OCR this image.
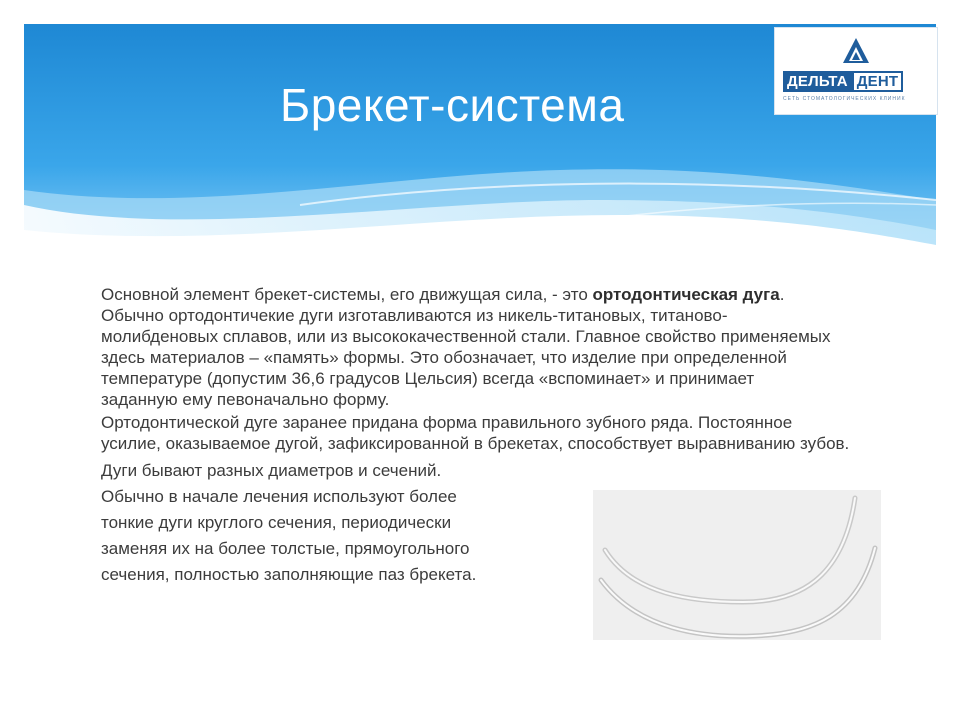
Брекет-система	ДЕЛЬТА ДЕНТ
СЕТЬ СТОМАТОЛОГИЧЕСКИХ КЛИНИК

Основной элемент брекет-системы, его движущая сила, - это ортодонтическая дуга. Обычно ортодонтичекие дуги изготавливаются из никель-титановых, титаново-молибденовых сплавов, или из высококачественной стали. Главное свойство применяемых здесь материалов – «память» формы. Это обозначает, что изделие при определенной температуре (допустим 36,6 градусов Цельсия) всегда «вспоминает» и принимает заданную ему певоначально форму.

Ортодонтической дуге заранее придана форма правильного зубного ряда. Постоянное усилие, оказываемое дугой, зафиксированной в брекетах, способствует выравниванию зубов.

Дуги бывают разных диаметров и сечений.

Обычно в начале лечения используют более

тонкие дуги круглого сечения, периодически

заменяя их на более толстые, прямоугольного

сечения, полностью заполняющие паз брекета.
